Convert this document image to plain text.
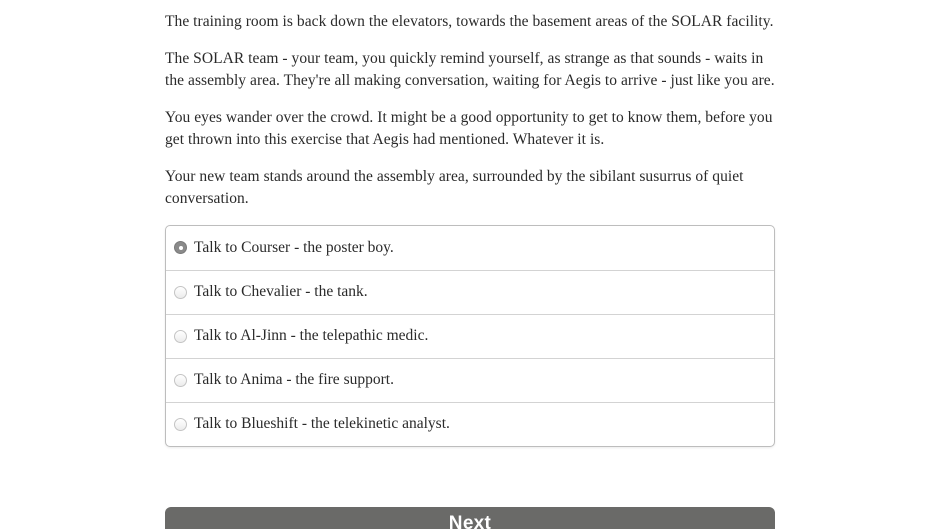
The training room is back down the elevators, towards the basement areas of the SOLAR facility.

The SOLAR team - your team, you quickly remind yourself, as strange as that sounds - waits in the assembly area. They're all making conversation, waiting for Aegis to arrive - just like you are.

You eyes wander over the crowd. It might be a good opportunity to get to know them, before you get thrown into this exercise that Aegis had mentioned. Whatever it is.

Your new team stands around the assembly area, surrounded by the sibilant susurrus of quiet conversation.

Talk to Courser - the poster boy.
Talk to Chevalier - the tank.
Talk to Al-Jinn - the telepathic medic.
Talk to Anima - the fire support.
Talk to Blueshift - the telekinetic analyst.
Next
